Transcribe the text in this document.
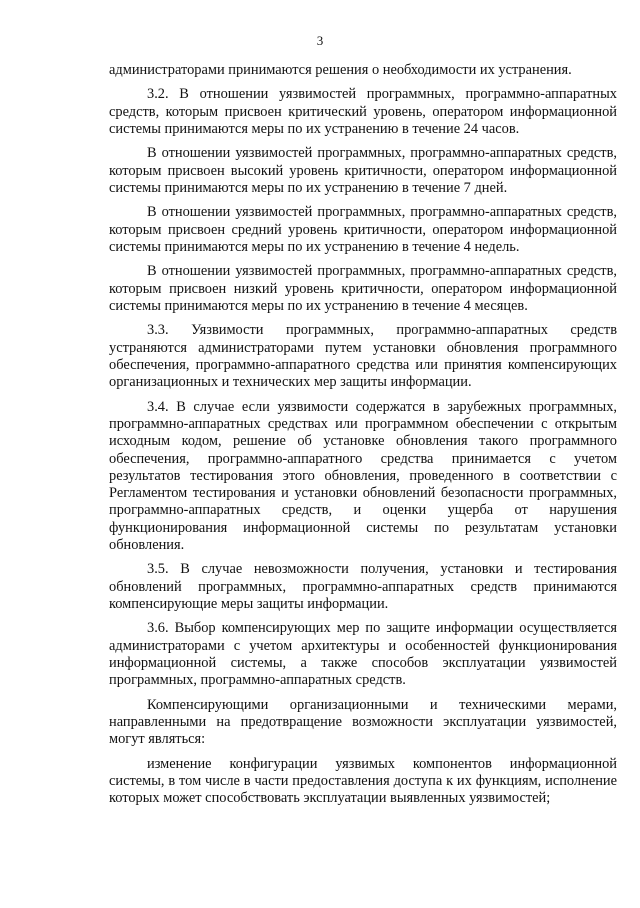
3

администраторами принимаются решения о необходимости их устранения.

3.2. В отношении уязвимостей программных, программно-аппаратных средств, которым присвоен критический уровень, оператором информационной системы принимаются меры по их устранению в течение 24 часов.

В отношении уязвимостей программных, программно-аппаратных средств, которым присвоен высокий уровень критичности, оператором информационной системы принимаются меры по их устранению в течение 7 дней.

В отношении уязвимостей программных, программно-аппаратных средств, которым присвоен средний уровень критичности, оператором информационной системы принимаются меры по их устранению в течение 4 недель.

В отношении уязвимостей программных, программно-аппаратных средств, которым присвоен низкий уровень критичности, оператором информационной системы принимаются меры по их устранению в течение 4 месяцев.

3.3. Уязвимости программных, программно-аппаратных средств устраняются администраторами путем установки обновления программного обеспечения, программно-аппаратного средства или принятия компенсирующих организационных и технических мер защиты информации.

3.4. В случае если уязвимости содержатся в зарубежных программных, программно-аппаратных средствах или программном обеспечении с открытым исходным кодом, решение об установке обновления такого программного обеспечения, программно-аппаратного средства принимается с учетом результатов тестирования этого обновления, проведенного в соответствии с Регламентом тестирования и установки обновлений безопасности программных, программно-аппаратных средств, и оценки ущерба от нарушения функционирования информационной системы по результатам установки обновления.

3.5. В случае невозможности получения, установки и тестирования обновлений программных, программно-аппаратных средств принимаются компенсирующие меры защиты информации.

3.6. Выбор компенсирующих мер по защите информации осуществляется администраторами с учетом архитектуры и особенностей функционирования информационной системы, а также способов эксплуатации уязвимостей программных, программно-аппаратных средств.

Компенсирующими организационными и техническими мерами, направленными на предотвращение возможности эксплуатации уязвимостей, могут являться:

изменение конфигурации уязвимых компонентов информационной системы, в том числе в части предоставления доступа к их функциям, исполнение которых может способствовать эксплуатации выявленных уязвимостей;
